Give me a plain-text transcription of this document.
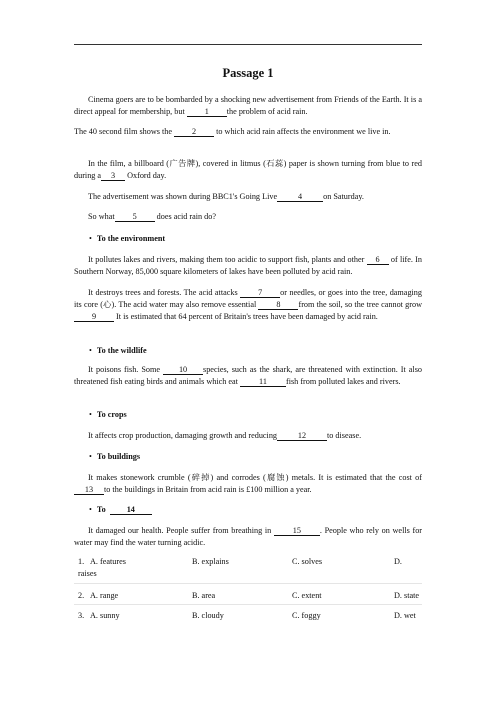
Passage 1
Cinema goers are to be bombarded by a shocking new advertisement from Friends of the Earth. It is a direct appeal for membership, but 1 the problem of acid rain.
The 40 second film shows the 2 to which acid rain affects the environment we live in.
In the film, a billboard (广告牌), covered in litmus (石蕊) paper is shown turning from blue to red during a 3 Oxford day.
The advertisement was shown during BBC1's Going Live	4	on Saturday.
So what 5 does acid rain do?
• To the environment
It pollutes lakes and rivers, making them too acidic to support fish, plants and other 6 of life. In Southern Norway, 85,000 square kilometers of lakes have been polluted by acid rain.
It destroys trees and forests. The acid attacks 7 or needles, or goes into the tree, damaging its core (心). The acid water may also remove essential 8 from the soil, so the tree cannot grow9 It is estimated that 64 percent of Britain's trees have been damaged by acid rain.
• To the wildlife
It poisons fish. Some 10 species, such as the shark, are threatened with extinction. It also threatened fish eating birds and animals which eat	11 fish from polluted lakes and rivers.
• To crops
It affects crop production, damaging growth and reducing	12	to disease.
• To buildings
It makes stonework crumble (碎掉) and corrodes (腐蚀) metals. It is estimated that the cost of 13 to the buildings in Britain from acid rain is £100 million a year.
• To	14
It damaged our health. People suffer from breathing in	15 . People who rely on wells for water may find the water turning acidic.
1. A. features	B. explains	C. solves	D.
raises
2. A. range	B. area	C. extent	D. state
3. A. sunny	B. cloudy	C. foggy	D. wet
